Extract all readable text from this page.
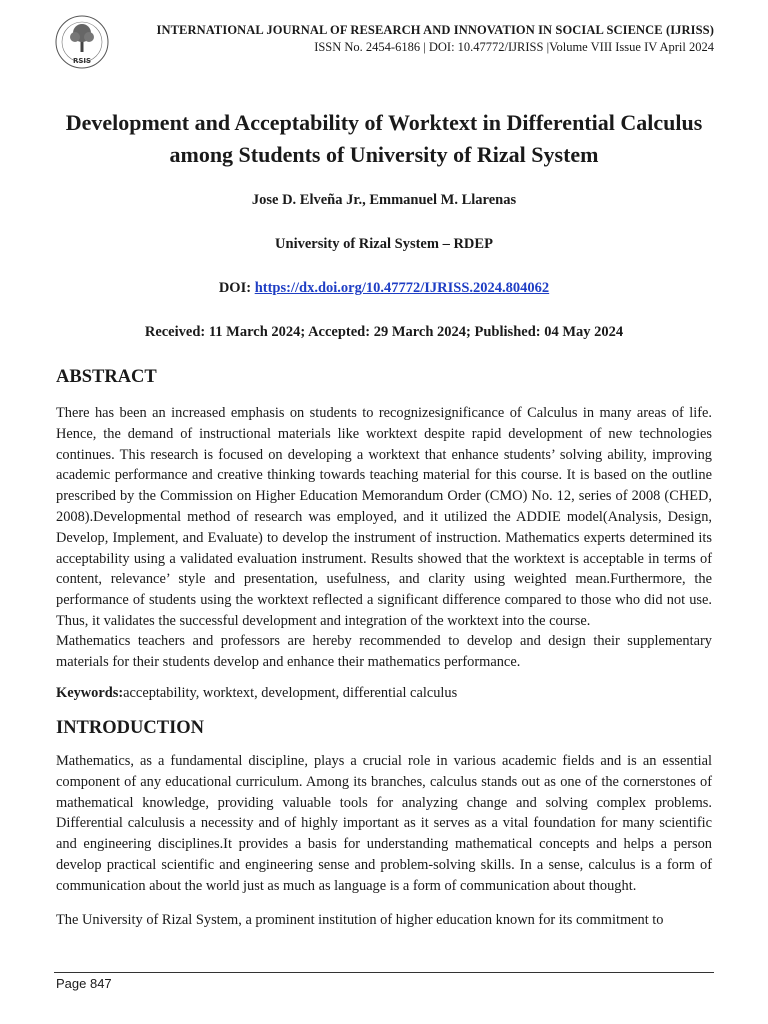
RSIS
INTERNATIONAL JOURNAL OF RESEARCH AND INNOVATION IN SOCIAL SCIENCE (IJRISS)
ISSN No. 2454-6186 | DOI: 10.47772/IJRISS |Volume VIII Issue IV April 2024
Development and Acceptability of Worktext in Differential Calculus among Students of University of Rizal System

Jose D. Elveña Jr., Emmanuel M. Llarenas

University of Rizal System – RDEP

DOI: https://dx.doi.org/10.47772/IJRISS.2024.804062

Received: 11 March 2024; Accepted: 29 March 2024; Published: 04 May 2024

ABSTRACT

There has been an increased emphasis on students to recognizesignificance of Calculus in many areas of life. Hence, the demand of instructional materials like worktext despite rapid development of new technologies continues. This research is focused on developing a worktext that enhance students’ solving ability, improving academic performance and creative thinking towards teaching material for this course. It is based on the outline prescribed by the Commission on Higher Education Memorandum Order (CMO) No. 12, series of 2008 (CHED, 2008).Developmental method of research was employed, and it utilized the ADDIE model(Analysis, Design, Develop, Implement, and Evaluate) to develop the instrument of instruction. Mathematics experts determined its acceptability using a validated evaluation instrument. Results showed that the worktext is acceptable in terms of content, relevance’ style and presentation, usefulness, and clarity using weighted mean.Furthermore, the performance of students using the worktext reflected a significant difference compared to those who did not use. Thus, it validates the successful development and integration of the worktext into the course.

Mathematics teachers and professors are hereby recommended to develop and design their supplementary materials for their students develop and enhance their mathematics performance.

Keywords:acceptability, worktext, development, differential calculus

INTRODUCTION

Mathematics, as a fundamental discipline, plays a crucial role in various academic fields and is an essential component of any educational curriculum. Among its branches, calculus stands out as one of the cornerstones of mathematical knowledge, providing valuable tools for analyzing change and solving complex problems. Differential calculusis a necessity and of highly important as it serves as a vital foundation for many scientific and engineering disciplines.It provides a basis for understanding mathematical concepts and helps a person develop practical scientific and engineering sense and problem-solving skills. In a sense, calculus is a form of communication about the world just as much as language is a form of communication about thought.

The University of Rizal System, a prominent institution of higher education known for its commitment to

Page 847
